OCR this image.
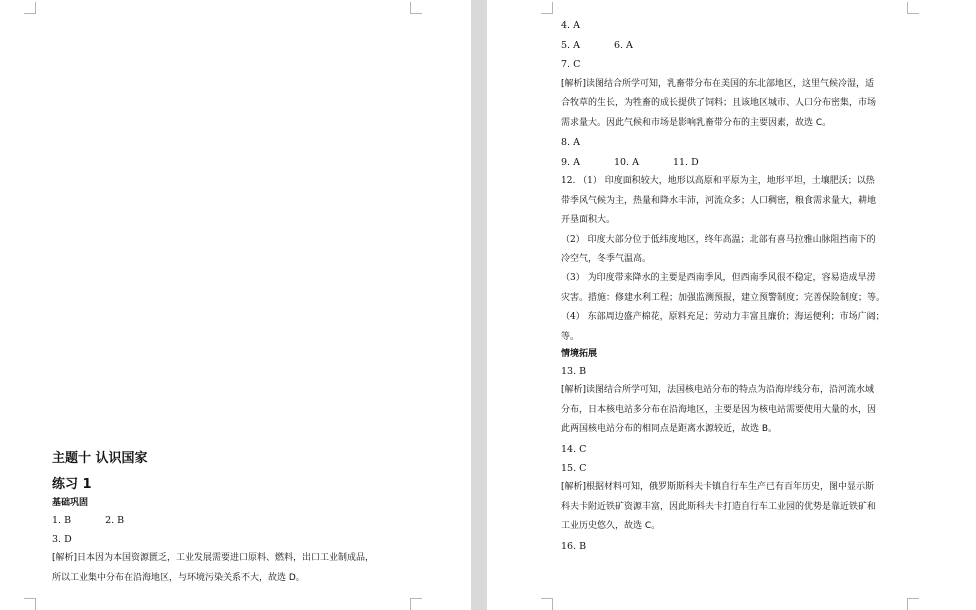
主题十 认识国家
练习 1
基础巩固
1. B	2. B
3. D
[解析]日本因为本国资源匮乏，工业发展需要进口原料、燃料，出口工业制成品，
所以工业集中分布在沿海地区，与环境污染关系不大，故选 D。
4. A
5. A	6. A
7. C
[解析]读图结合所学可知，乳畜带分布在美国的东北部地区，这里气候冷湿，适
合牧草的生长，为牲畜的成长提供了饲料；且该地区城市、人口分布密集，市场
需求量大。因此气候和市场是影响乳畜带分布的主要因素，故选 C。
8. A
9. A	10. A	11. D
12. （1） 印度面积较大，地形以高原和平原为主，地形平坦，土壤肥沃；以热
带季风气候为主，热量和降水丰沛，河流众多；人口稠密，粮食需求量大，耕地
开垦面积大。
（2） 印度大部分位于低纬度地区，终年高温；北部有喜马拉雅山脉阻挡南下的
冷空气，冬季气温高。
（3） 为印度带来降水的主要是西南季风，但西南季风很不稳定，容易造成旱涝
灾害。措施：修建水利工程；加强监测预报，建立预警制度；完善保险制度；等。
（4） 东部周边盛产棉花，原料充足；劳动力丰富且廉价；海运便利；市场广阔；
等。
情境拓展
13. B
[解析]读图结合所学可知，法国核电站分布的特点为沿海岸线分布，沿河流水域
分布，日本核电站多分布在沿海地区，主要是因为核电站需要使用大量的水，因
此两国核电站分布的相同点是距离水源较近，故选 B。
14. C
15. C
[解析]根据材料可知，俄罗斯斯科夫卡镇自行车生产已有百年历史，图中显示斯
科夫卡附近铁矿资源丰富，因此斯科夫卡打造自行车工业园的优势是靠近铁矿和
工业历史悠久，故选 C。
16. B
